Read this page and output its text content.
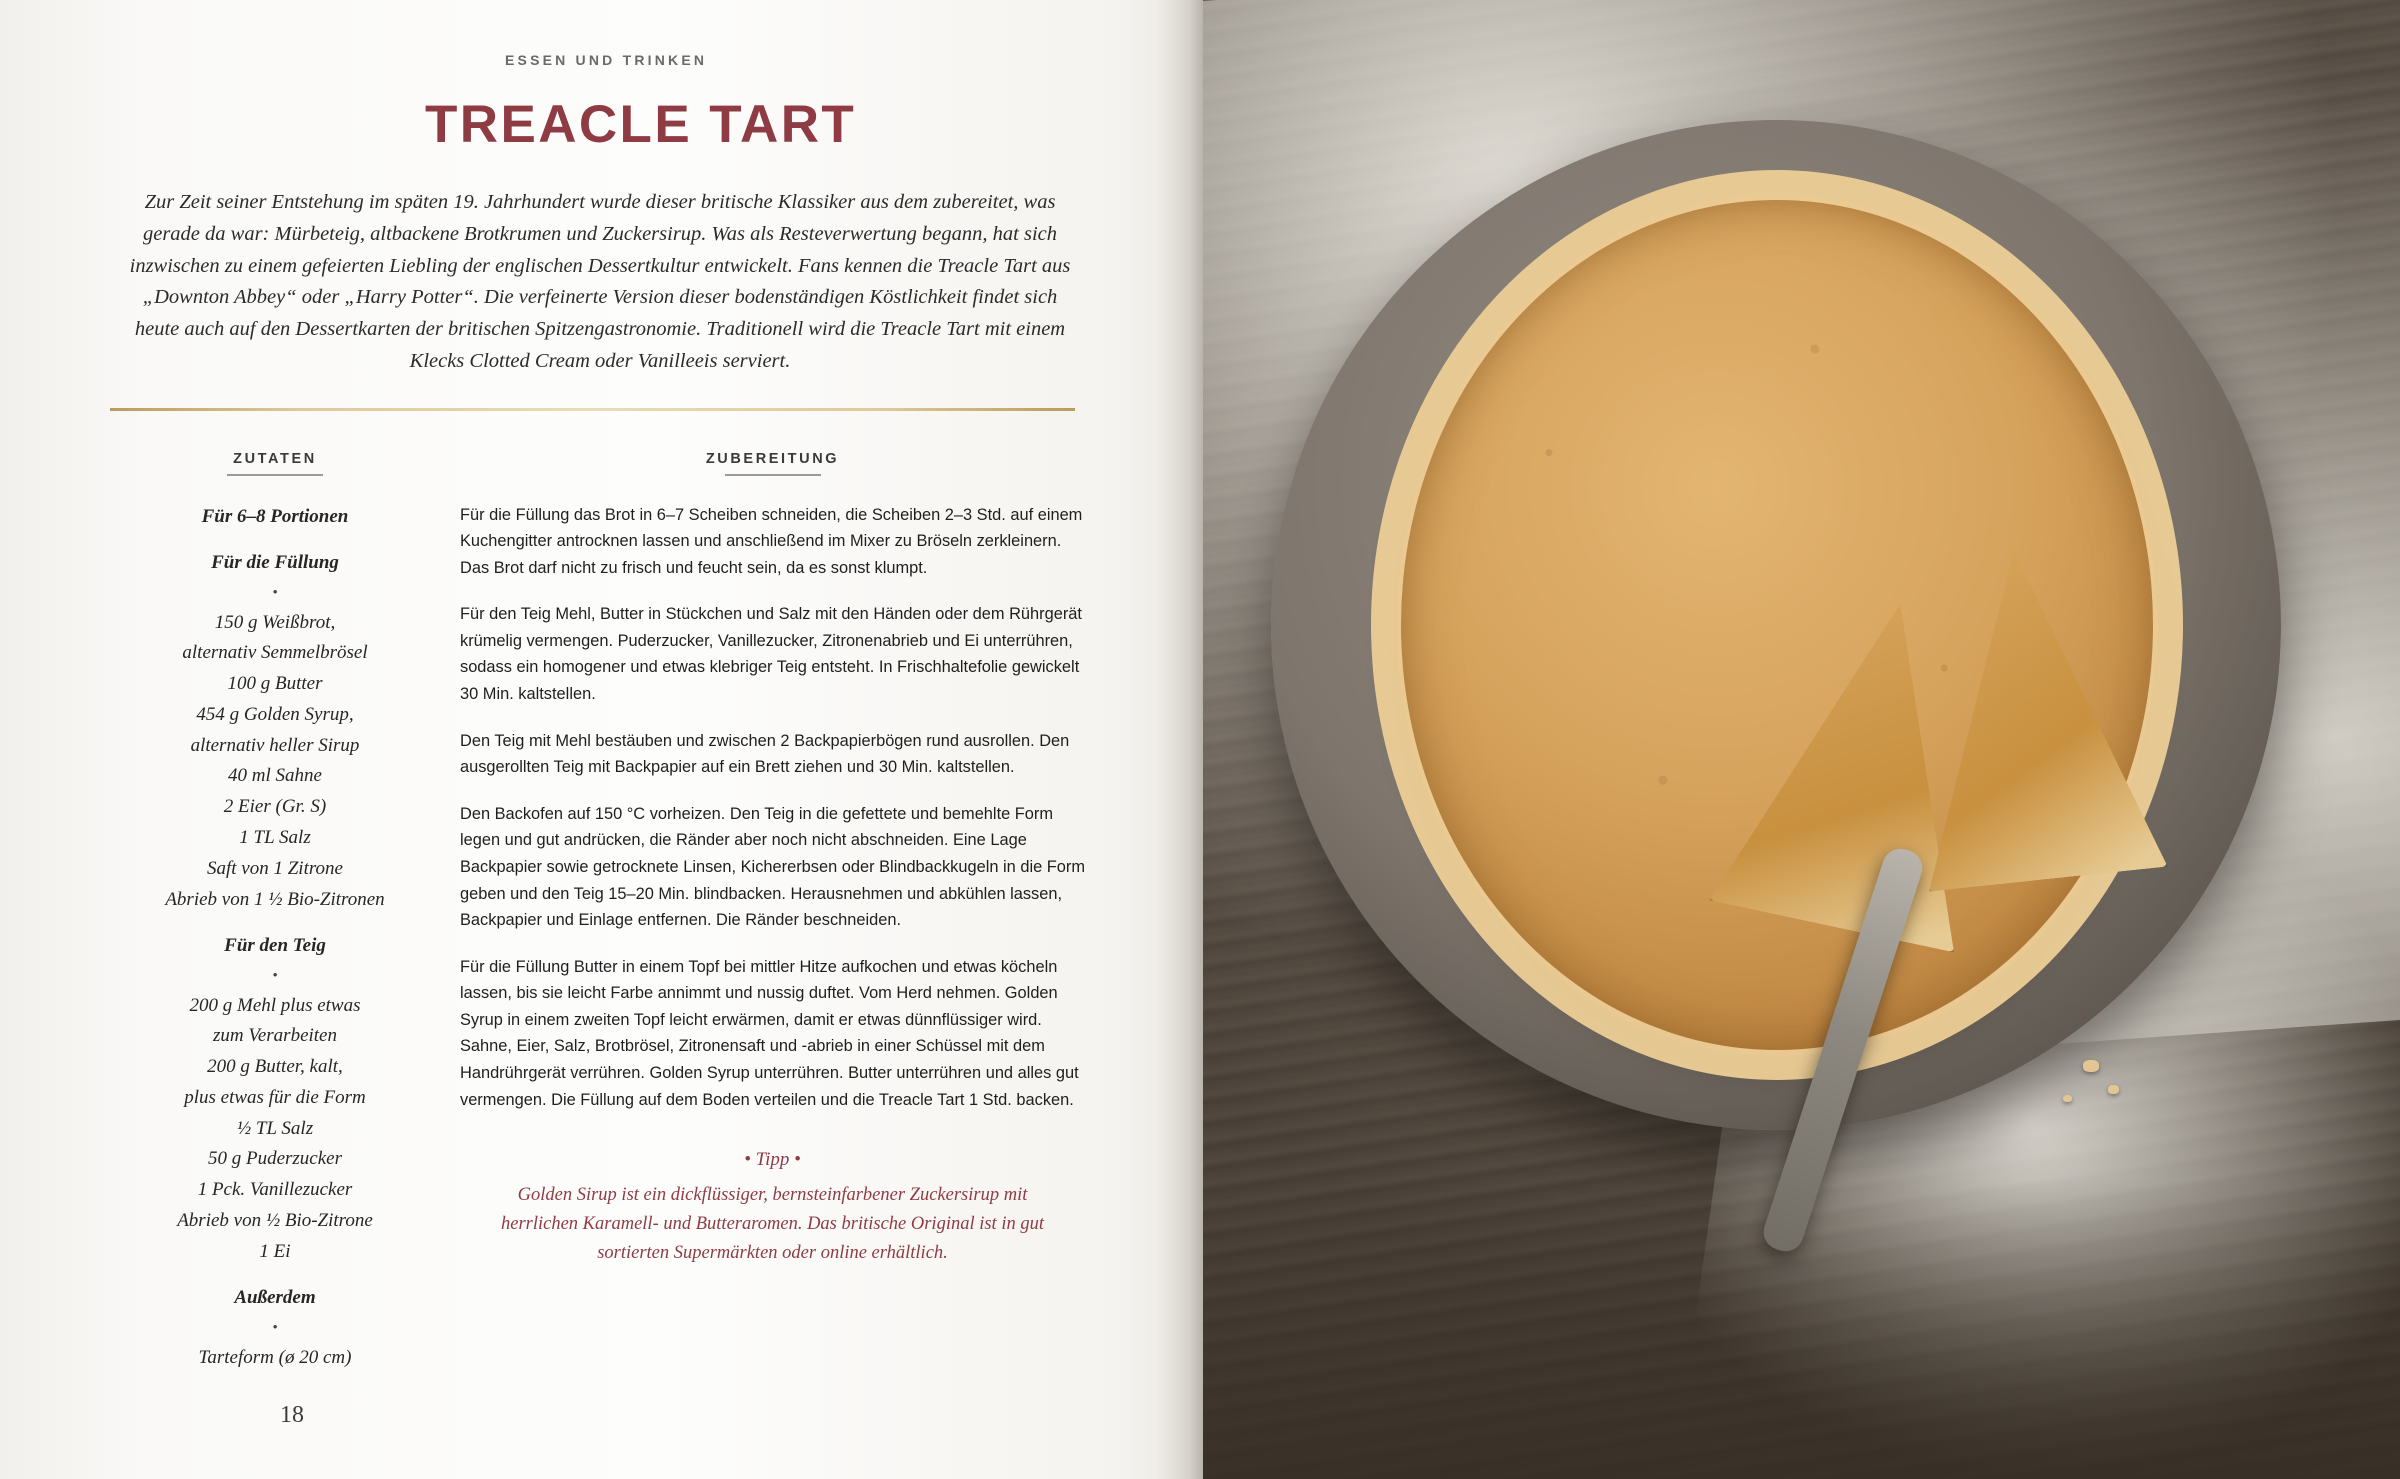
ESSEN UND TRINKEN
TREACLE TART
Zur Zeit seiner Entstehung im späten 19. Jahrhundert wurde dieser britische Klassiker aus dem zubereitet, was gerade da war: Mürbeteig, altbackene Brotkrumen und Zuckersirup. Was als Resteverwertung begann, hat sich inzwischen zu einem gefeierten Liebling der englischen Dessertkultur entwickelt. Fans kennen die Treacle Tart aus „Downton Abbey“ oder „Harry Potter“. Die verfeinerte Version dieser bodenständigen Köstlichkeit findet sich heute auch auf den Dessertkarten der britischen Spitzengastronomie. Traditionell wird die Treacle Tart mit einem Klecks Clotted Cream oder Vanilleeis serviert.
ZUTATEN
Für 6–8 Portionen
Für die Füllung
•
150 g Weißbrot,
alternativ Semmelbrösel
100 g Butter
454 g Golden Syrup,
alternativ heller Sirup
40 ml Sahne
2 Eier (Gr. S)
1 TL Salz
Saft von 1 Zitrone
Abrieb von 1 ½ Bio-Zitronen
Für den Teig
•
200 g Mehl plus etwas
zum Verarbeiten
200 g Butter, kalt,
plus etwas für die Form
½ TL Salz
50 g Puderzucker
1 Pck. Vanillezucker
Abrieb von ½ Bio-Zitrone
1 Ei
Außerdem
•
Tarteform (ø 20 cm)
ZUBEREITUNG

Für die Füllung das Brot in 6–7 Scheiben schneiden, die Scheiben 2–3 Std. auf einem Kuchengitter antrocknen lassen und anschließend im Mixer zu Bröseln zerkleinern. Das Brot darf nicht zu frisch und feucht sein, da es sonst klumpt.

Für den Teig Mehl, Butter in Stückchen und Salz mit den Händen oder dem Rührgerät krümelig vermengen. Puderzucker, Vanillezucker, Zitronenabrieb und Ei unterrühren, sodass ein homogener und etwas klebriger Teig entsteht. In Frischhaltefolie gewickelt 30 Min. kaltstellen.

Den Teig mit Mehl bestäuben und zwischen 2 Backpapierbögen rund ausrollen. Den ausgerollten Teig mit Backpapier auf ein Brett ziehen und 30 Min. kaltstellen.

Den Backofen auf 150 °C vorheizen. Den Teig in die gefettete und bemehlte Form legen und gut andrücken, die Ränder aber noch nicht abschneiden. Eine Lage Backpapier sowie getrocknete Linsen, Kichererbsen oder Blindbackkugeln in die Form geben und den Teig 15–20 Min. blindbacken. Herausnehmen und abkühlen lassen, Backpapier und Einlage entfernen. Die Ränder beschneiden.

Für die Füllung Butter in einem Topf bei mittler Hitze aufkochen und etwas köcheln lassen, bis sie leicht Farbe annimmt und nussig duftet. Vom Herd nehmen. Golden Syrup in einem zweiten Topf leicht erwärmen, damit er etwas dünnflüssiger wird. Sahne, Eier, Salz, Brotbrösel, Zitronensaft und -abrieb in einer Schüssel mit dem Handrührgerät verrühren. Golden Syrup unterrühren. Butter unterrühren und alles gut vermengen. Die Füllung auf dem Boden verteilen und die Treacle Tart 1 Std. backen.

• Tipp •
Golden Sirup ist ein dickflüssiger, bernsteinfarbener Zuckersirup mit herrlichen Karamell- und Butteraromen. Das britische Original ist in gut sortierten Supermärkten oder online erhältlich.
18
